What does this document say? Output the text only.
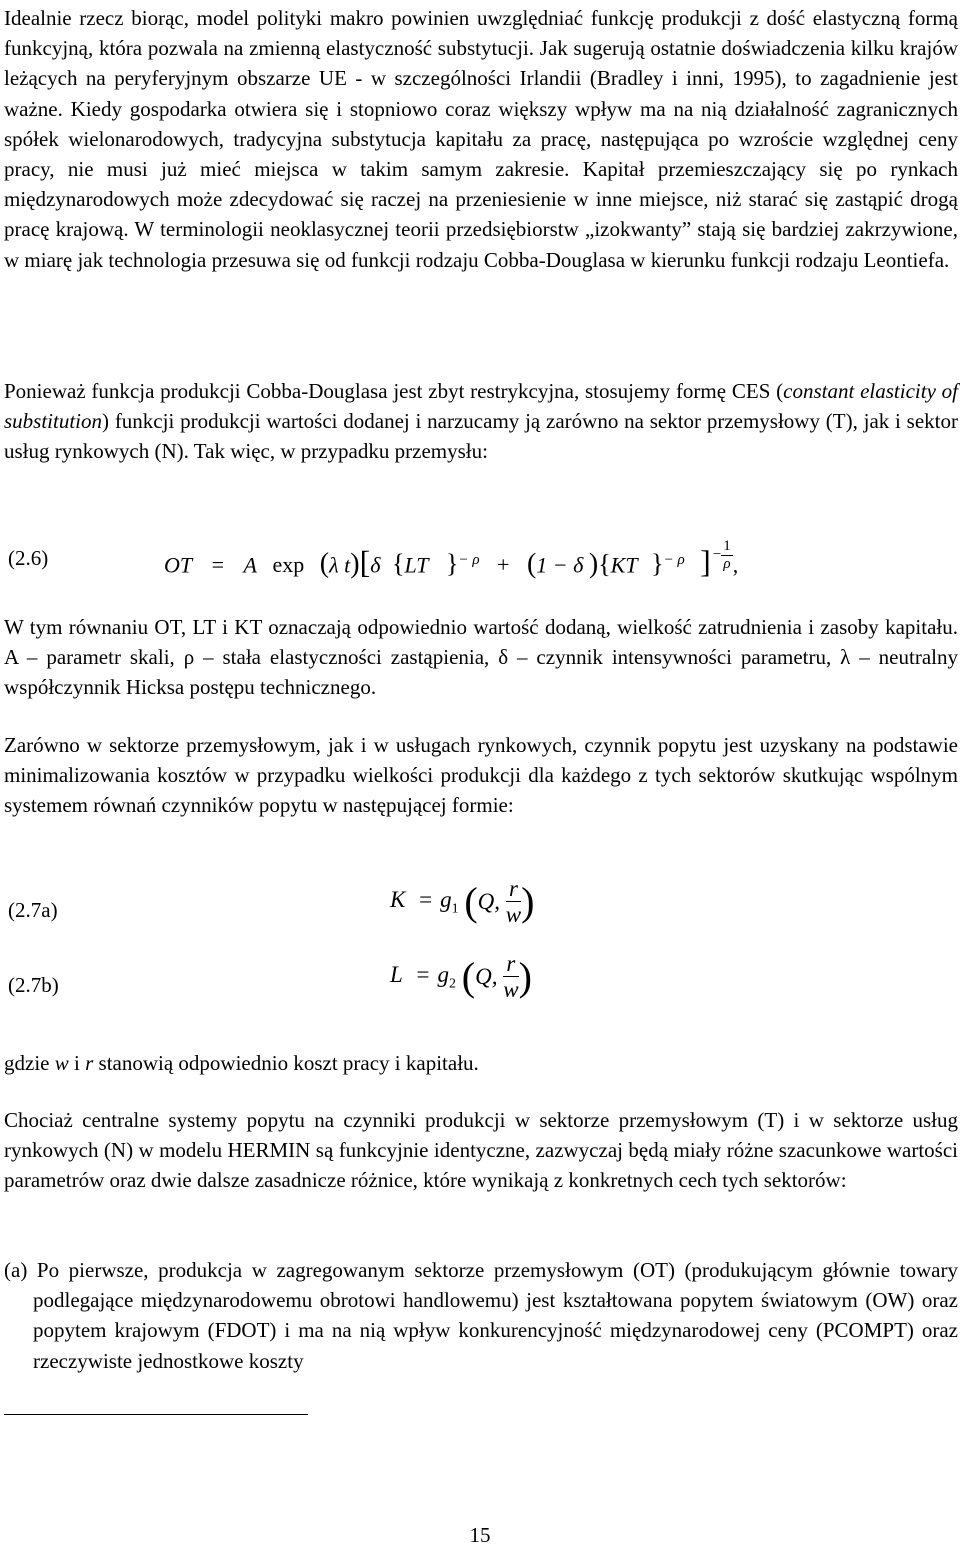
Idealnie rzecz biorąc, model polityki makro powinien uwzględniać funkcję produkcji z dość elastyczną formą funkcyjną, która pozwala na zmienną elastyczność substytucji. Jak sugerują ostatnie doświadczenia kilku krajów leżących na peryferyjnym obszarze UE - w szczególności Irlandii (Bradley i inni, 1995), to zagadnienie jest ważne. Kiedy gospodarka otwiera się i stopniowo coraz większy wpływ ma na nią działalność zagranicznych spółek wielonarodowych, tradycyjna substytucja kapitału za pracę, następująca po wzroście względnej ceny pracy, nie musi już mieć miejsca w takim samym zakresie. Kapitał przemieszczający się po rynkach międzynarodowych może zdecydować się raczej na przeniesienie w inne miejsce, niż starać się zastąpić drogą pracę krajową. W terminologii neoklasycznej teorii przedsiębiorstw „izokwanty” stają się bardziej zakrzywione, w miarę jak technologia przesuwa się od funkcji rodzaju Cobba-Douglasa w kierunku funkcji rodzaju Leontiefa.

Ponieważ funkcja produkcji Cobba-Douglasa jest zbyt restrykcyjna, stosujemy formę CES (constant elasticity of substitution) funkcji produkcji wartości dodanej i narzucamy ją zarówno na sektor przemysłowy (T), jak i sektor usług rynkowych (N). Tak więc, w przypadku przemysłu:

(2.6)	OT = A exp (λ t)[δ {LT }$^{- \rho}$ + (1 − δ ){KT }$^{- \rho}$ ] − $\frac{1}{\rho}$ ,

W tym równaniu OT, LT i KT oznaczają odpowiednio wartość dodaną, wielkość zatrudnienia i zasoby kapitału. A – parametr skali, ρ – stała elastyczności zastąpienia, δ – czynnik intensywności parametru, λ – neutralny współczynnik Hicksa postępu technicznego.

Zarówno w sektorze przemysłowym, jak i w usługach rynkowych, czynnik popytu jest uzyskany na podstawie minimalizowania kosztów w przypadku wielkości produkcji dla każdego z tych sektorów skutkując wspólnym systemem równań czynników popytu w następującej formie:

(2.7a)	$K = g_1$ (Q, $\frac{r}{w}$ )
(2.7b)	$L = g_2$ (Q, $\frac{r}{w}$ )

gdzie w i r stanowią odpowiednio koszt pracy i kapitału.

Chociaż centralne systemy popytu na czynniki produkcji w sektorze przemysłowym (T) i w sektorze usług rynkowych (N) w modelu HERMIN są funkcyjnie identyczne, zazwyczaj będą miały różne szacunkowe wartości parametrów oraz dwie dalsze zasadnicze różnice, które wynikają z konkretnych cech tych sektorów:

(a) Po pierwsze, produkcja w zagregowanym sektorze przemysłowym (OT) (produkującym głównie towary podlegające międzynarodowemu obrotowi handlowemu) jest kształtowana popytem światowym (OW) oraz popytem krajowym (FDOT) i ma na nią wpływ konkurencyjność międzynarodowej ceny (PCOMPT) oraz rzeczywiste jednostkowe koszty
15
